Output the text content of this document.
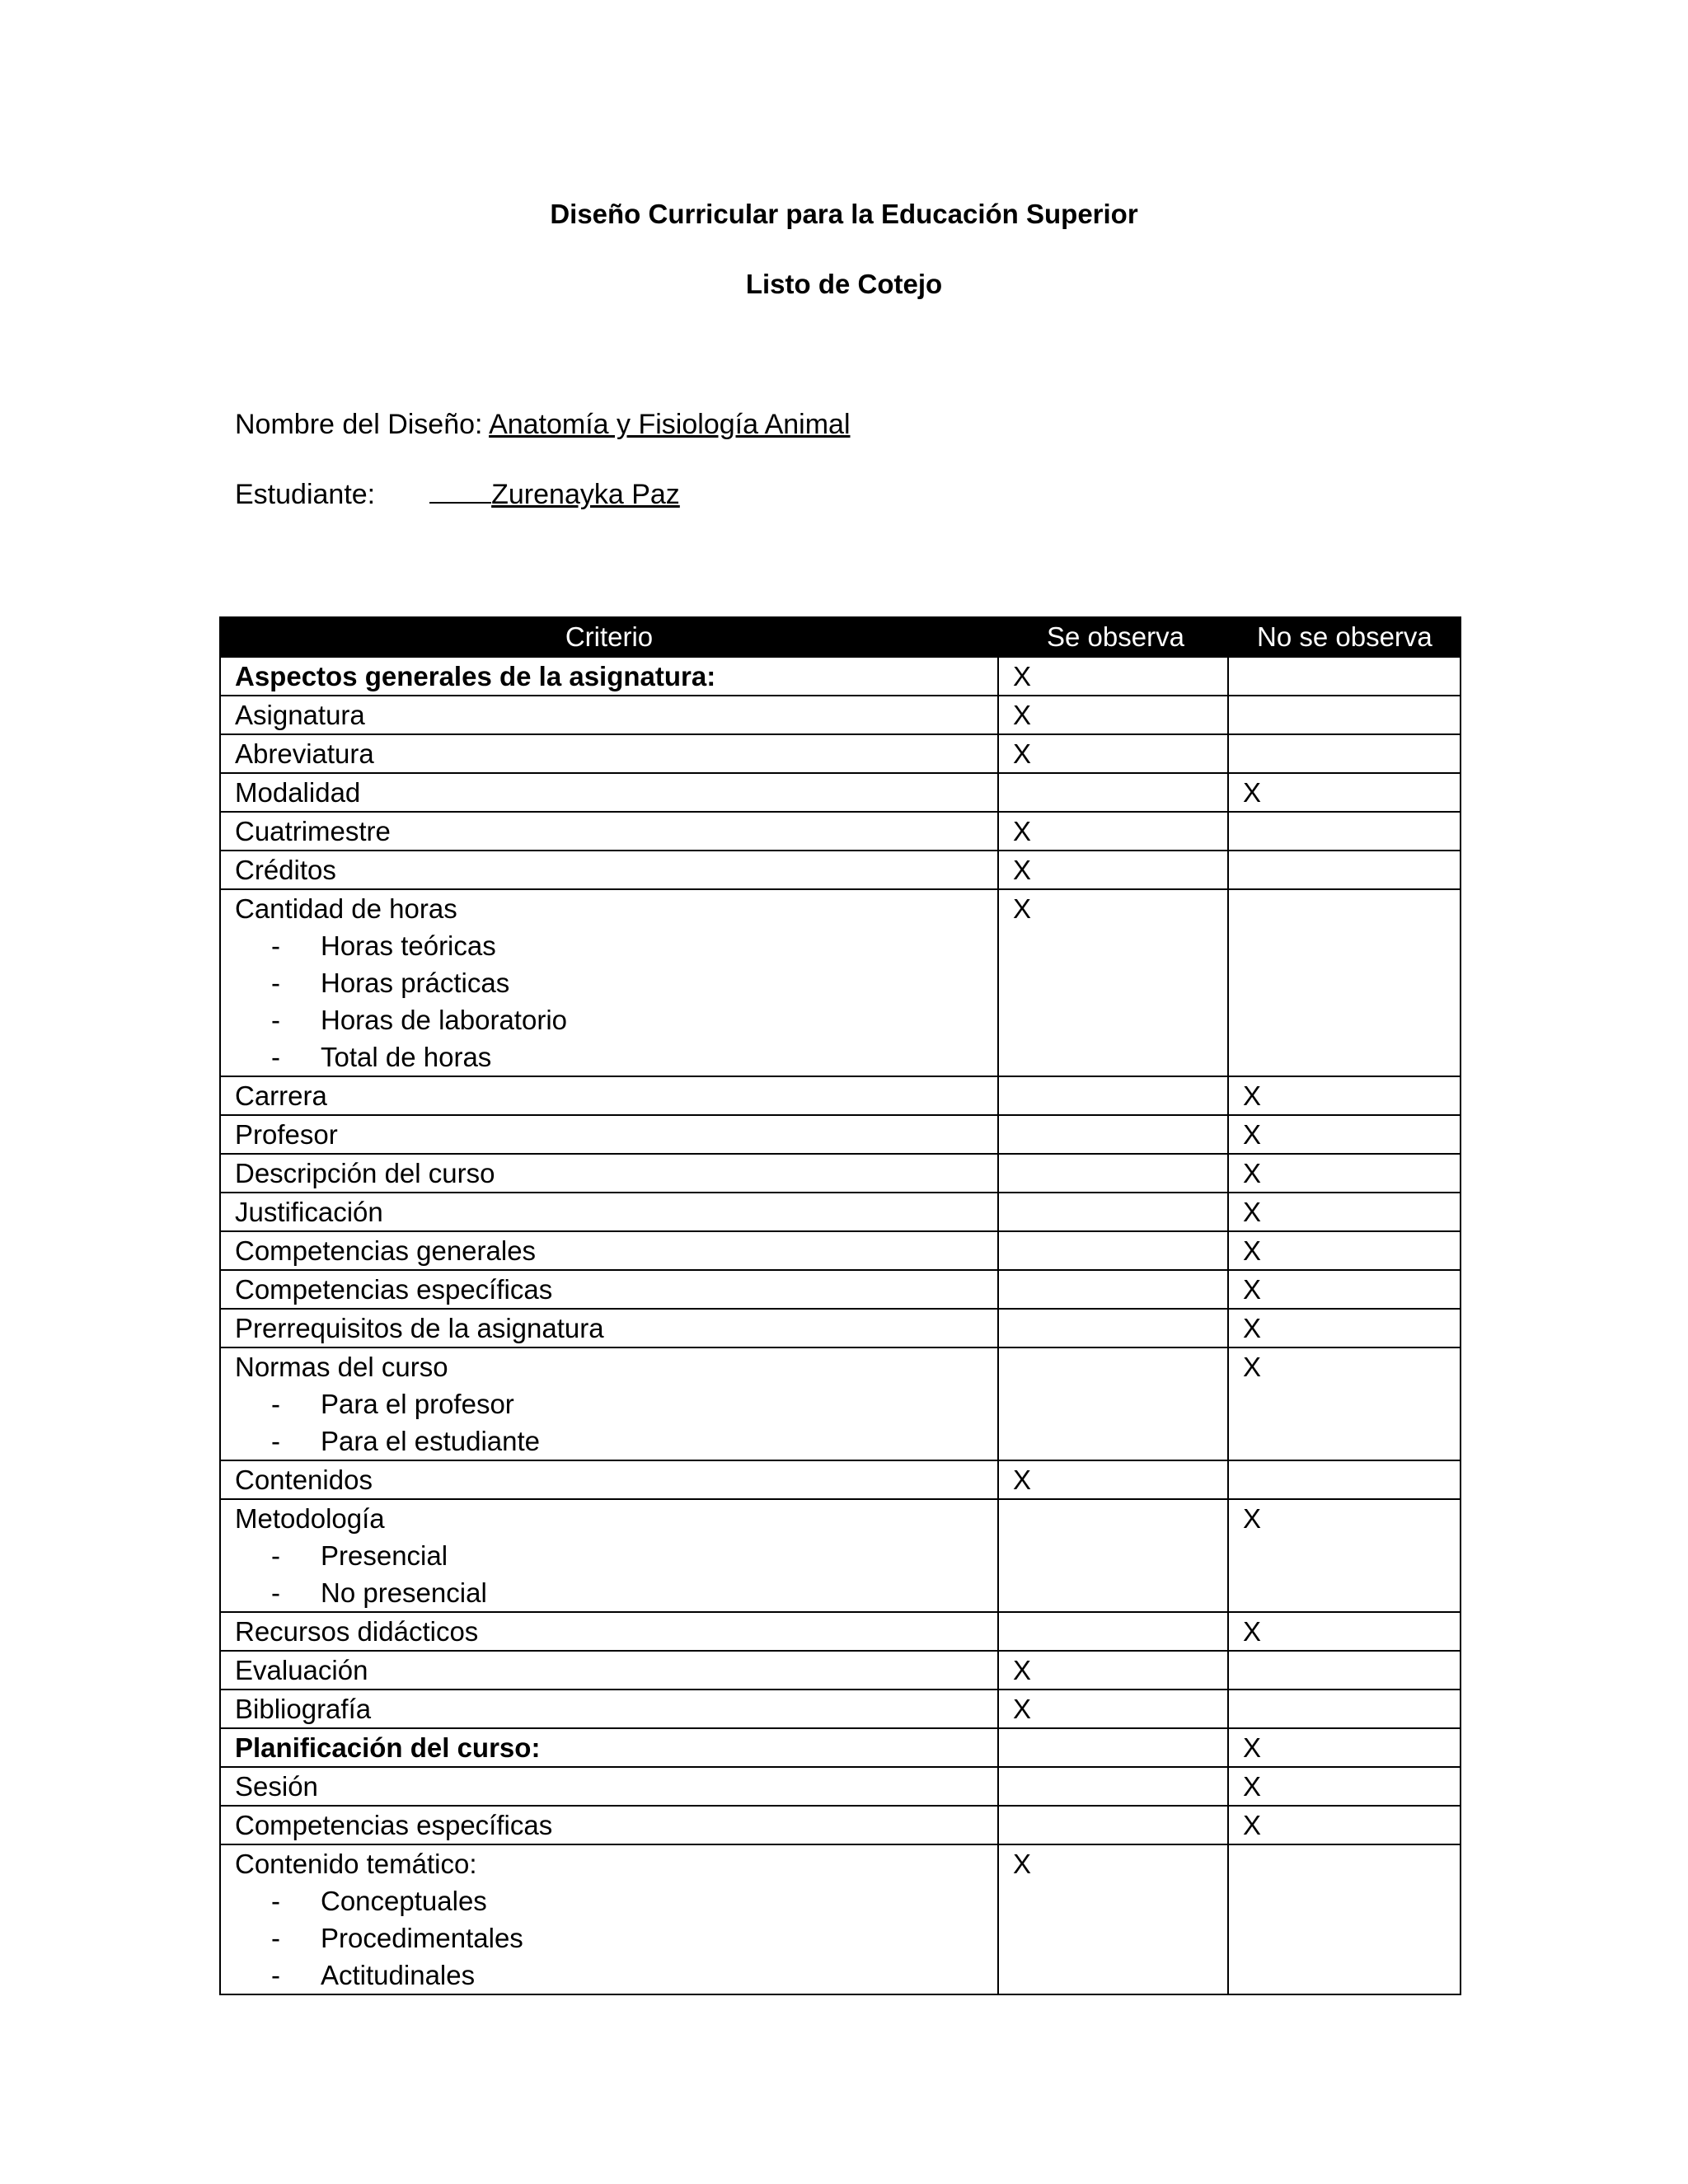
Diseño Curricular para la Educación Superior
Listo de Cotejo
Nombre del Diseño: Anatomía y Fisiología Animal
Estudiante:	Zurenayka Paz
Criterio	Se observa	No se observa

Aspectos generales de la asignatura:	X	

Asignatura	X	

Abreviatura	X	

Modalidad		X

Cuatrimestre	X	

Créditos	X	

Cantidad de horas
- Horas teóricas
- Horas prácticas
- Horas de laboratorio
- Total de horas	X	

Carrera		X

Profesor		X

Descripción del curso		X

Justificación		X

Competencias generales		X

Competencias específicas		X

Prerrequisitos de la asignatura		X

Normas del curso
- Para el profesor
- Para el estudiante		X

Contenidos	X	

Metodología
- Presencial
- No presencial		X

Recursos didácticos		X

Evaluación	X	

Bibliografía	X	

Planificación del curso:		X

Sesión		X

Competencias específicas		X

Contenido temático:
- Conceptuales
- Procedimentales
- Actitudinales	X	
